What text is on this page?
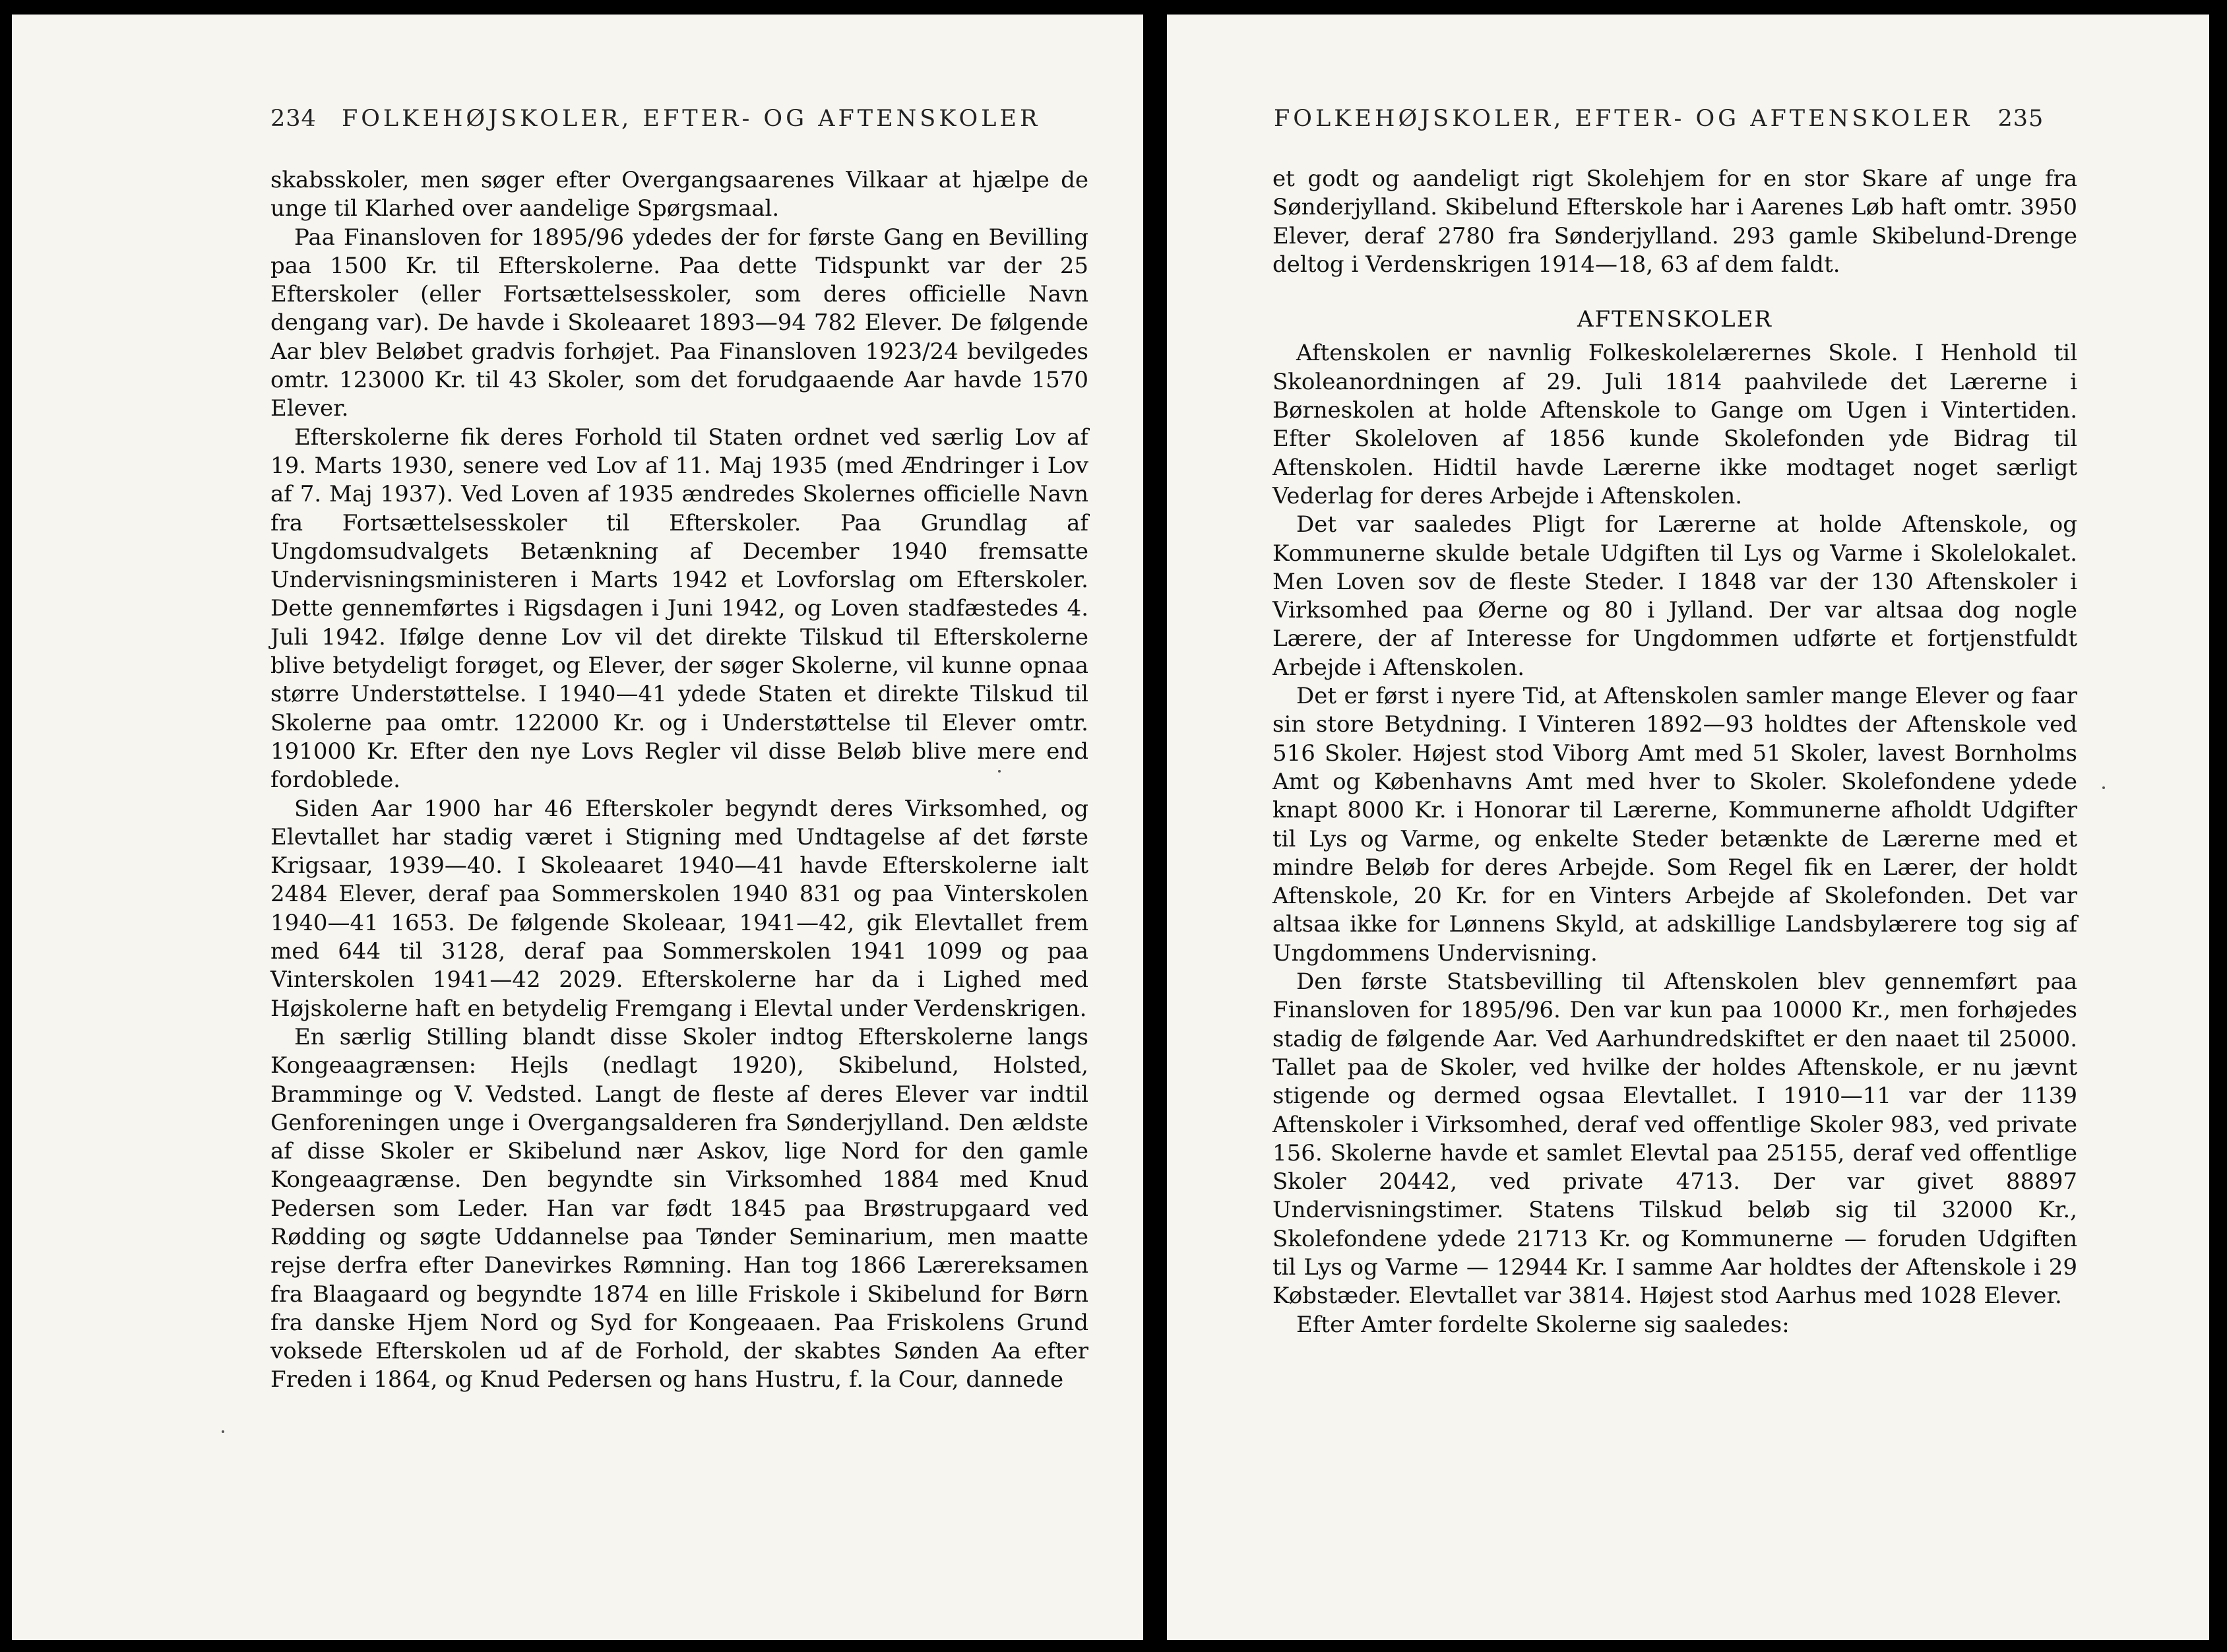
234 FOLKEHØJSKOLER, EFTER- OG AFTENSKOLER

skabsskoler, men søger efter Overgangsaarenes Vilkaar at hjælpe de unge til Klarhed over aandelige Spørgsmaal.

Paa Finansloven for 1895/96 ydedes der for første Gang en Bevilling paa 1500 Kr. til Efterskolerne. Paa dette Tidspunkt var der 25 Efterskoler (eller Fortsættelsesskoler, som deres officielle Navn dengang var). De havde i Skoleaaret 1893—94 782 Elever. De følgende Aar blev Beløbet gradvis forhøjet. Paa Finansloven 1923/24 bevilgedes omtr. 123000 Kr. til 43 Skoler, som det forudgaaende Aar havde 1570 Elever.

Efterskolerne fik deres Forhold til Staten ordnet ved særlig Lov af 19. Marts 1930, senere ved Lov af 11. Maj 1935 (med Ændringer i Lov af 7. Maj 1937). Ved Loven af 1935 ændredes Skolernes officielle Navn fra Fortsættelsesskoler til Efterskoler. Paa Grundlag af Ungdomsudvalgets Betænkning af December 1940 fremsatte Undervisningsministeren i Marts 1942 et Lovforslag om Efterskoler. Dette gennemførtes i Rigsdagen i Juni 1942, og Loven stadfæstedes 4. Juli 1942. Ifølge denne Lov vil det direkte Tilskud til Efterskolerne blive betydeligt forøget, og Elever, der søger Skolerne, vil kunne opnaa større Understøttelse. I 1940—41 ydede Staten et direkte Tilskud til Skolerne paa omtr. 122000 Kr. og i Understøttelse til Elever omtr. 191000 Kr. Efter den nye Lovs Regler vil disse Beløb blive mere end fordoblede.

Siden Aar 1900 har 46 Efterskoler begyndt deres Virksomhed, og Elevtallet har stadig været i Stigning med Undtagelse af det første Krigsaar, 1939—40. I Skoleaaret 1940—41 havde Efterskolerne ialt 2484 Elever, deraf paa Sommerskolen 1940 831 og paa Vinterskolen 1940—41 1653. De følgende Skoleaar, 1941—42, gik Elevtallet frem med 644 til 3128, deraf paa Sommerskolen 1941 1099 og paa Vinterskolen 1941—42 2029. Efterskolerne har da i Lighed med Højskolerne haft en betydelig Fremgang i Elevtal under Verdenskrigen.

En særlig Stilling blandt disse Skoler indtog Efterskolerne langs Kongeaagrænsen: Hejls (nedlagt 1920), Skibelund, Holsted, Bramminge og V. Vedsted. Langt de fleste af deres Elever var indtil Genforeningen unge i Overgangsalderen fra Sønderjylland. Den ældste af disse Skoler er Skibelund nær Askov, lige Nord for den gamle Kongeaagrænse. Den begyndte sin Virksomhed 1884 med Knud Pedersen som Leder. Han var født 1845 paa Brøstrupgaard ved Rødding og søgte Uddannelse paa Tønder Seminarium, men maatte rejse derfra efter Danevirkes Rømning. Han tog 1866 Lærereksamen fra Blaagaard og begyndte 1874 en lille Friskole i Skibelund for Børn fra danske Hjem Nord og Syd for Kongeaaen. Paa Friskolens Grund voksede Efterskolen ud af de Forhold, der skabtes Sønden Aa efter Freden i 1864, og Knud Pedersen og hans Hustru, f. la Cour, dannede

FOLKEHØJSKOLER, EFTER- OG AFTENSKOLER 235

et godt og aandeligt rigt Skolehjem for en stor Skare af unge fra Sønderjylland. Skibelund Efterskole har i Aarenes Løb haft omtr. 3950 Elever, deraf 2780 fra Sønderjylland. 293 gamle Skibelund-Drenge deltog i Verdenskrigen 1914—18, 63 af dem faldt.

AFTENSKOLER

Aftenskolen er navnlig Folkeskolelærernes Skole. I Henhold til Skoleanordningen af 29. Juli 1814 paahvilede det Lærerne i Børneskolen at holde Aftenskole to Gange om Ugen i Vintertiden. Efter Skoleloven af 1856 kunde Skolefonden yde Bidrag til Aftenskolen. Hidtil havde Lærerne ikke modtaget noget særligt Vederlag for deres Arbejde i Aftenskolen.

Det var saaledes Pligt for Lærerne at holde Aftenskole, og Kommunerne skulde betale Udgiften til Lys og Varme i Skolelokalet. Men Loven sov de fleste Steder. I 1848 var der 130 Aftenskoler i Virksomhed paa Øerne og 80 i Jylland. Der var altsaa dog nogle Lærere, der af Interesse for Ungdommen udførte et fortjenstfuldt Arbejde i Aftenskolen.

Det er først i nyere Tid, at Aftenskolen samler mange Elever og faar sin store Betydning. I Vinteren 1892—93 holdtes der Aftenskole ved 516 Skoler. Højest stod Viborg Amt med 51 Skoler, lavest Bornholms Amt og Københavns Amt med hver to Skoler. Skolefondene ydede knapt 8000 Kr. i Honorar til Lærerne, Kommunerne afholdt Udgifter til Lys og Varme, og enkelte Steder betænkte de Lærerne med et mindre Beløb for deres Arbejde. Som Regel fik en Lærer, der holdt Aftenskole, 20 Kr. for en Vinters Arbejde af Skolefonden. Det var altsaa ikke for Lønnens Skyld, at adskillige Landsbylærere tog sig af Ungdommens Undervisning.

Den første Statsbevilling til Aftenskolen blev gennemført paa Finansloven for 1895/96. Den var kun paa 10000 Kr., men forhøjedes stadig de følgende Aar. Ved Aarhundredskiftet er den naaet til 25000. Tallet paa de Skoler, ved hvilke der holdes Aftenskole, er nu jævnt stigende og dermed ogsaa Elevtallet. I 1910—11 var der 1139 Aftenskoler i Virksomhed, deraf ved offentlige Skoler 983, ved private 156. Skolerne havde et samlet Elevtal paa 25155, deraf ved offentlige Skoler 20442, ved private 4713. Der var givet 88897 Undervisningstimer. Statens Tilskud beløb sig til 32000 Kr., Skolefondene ydede 21713 Kr. og Kommunerne — foruden Udgiften til Lys og Varme — 12944 Kr. I samme Aar holdtes der Aftenskole i 29 Købstæder. Elevtallet var 3814. Højest stod Aarhus med 1028 Elever.

Efter Amter fordelte Skolerne sig saaledes:
